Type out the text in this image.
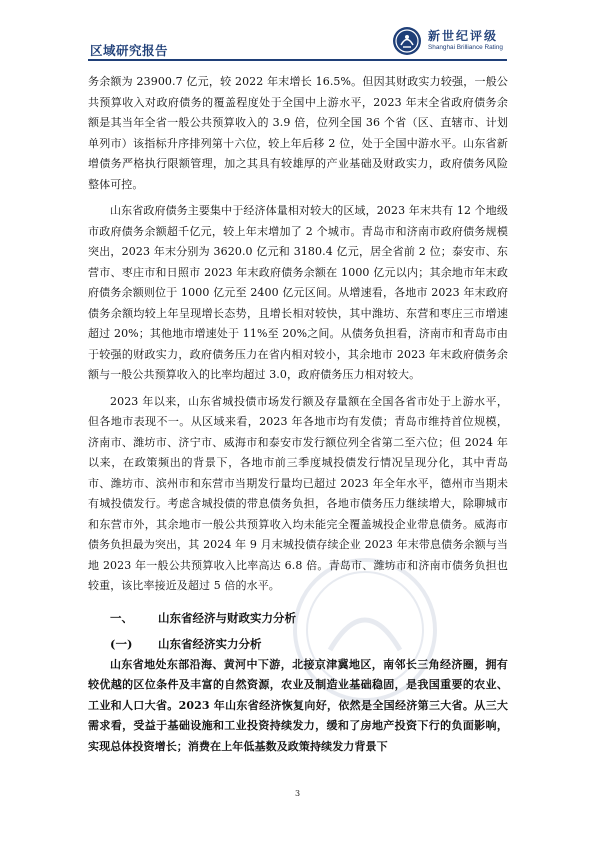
区域研究报告
新世纪评级
Shanghai Brilliance Rating

务余额为 23900.7 亿元，较 2022 年末增长 16.5%。但因其财政实力较强，一般公共预算收入对政府债务的覆盖程度处于全国中上游水平，2023 年末全省政府债务余额是其当年全省一般公共预算收入的 3.9 倍，位列全国 36 个省（区、直辖市、计划单列市）该指标升序排列第十六位，较上年后移 2 位，处于全国中游水平。山东省新增债务严格执行限额管理，加之其具有较雄厚的产业基础及财政实力，政府债务风险整体可控。

山东省政府债务主要集中于经济体量相对较大的区域，2023 年末共有 12 个地级市政府债务余额超千亿元，较上年末增加了 2 个城市。青岛市和济南市政府债务规模突出，2023 年末分别为 3620.0 亿元和 3180.4 亿元，居全省前 2 位；泰安市、东营市、枣庄市和日照市 2023 年末政府债务余额在 1000 亿元以内；其余地市年末政府债务余额则位于 1000 亿元至 2400 亿元区间。从增速看，各地市 2023 年末政府债务余额均较上年呈现增长态势，且增长相对较快，其中潍坊、东营和枣庄三市增速超过 20%；其他地市增速处于 11%至 20%之间。从债务负担看，济南市和青岛市由于较强的财政实力，政府债务压力在省内相对较小，其余地市 2023 年末政府债务余额与一般公共预算收入的比率均超过 3.0，政府债务压力相对较大。

2023 年以来，山东省城投债市场发行额及存量额在全国各省市处于上游水平，但各地市表现不一。从区域来看，2023 年各地市均有发债；青岛市维持首位规模，济南市、潍坊市、济宁市、威海市和泰安市发行额位列全省第二至六位；但 2024 年以来，在政策频出的背景下，各地市前三季度城投债发行情况呈现分化，其中青岛市、潍坊市、滨州市和东营市当期发行量均已超过 2023 年全年水平，德州市当期未有城投债发行。考虑含城投债的带息债务负担，各地市债务压力继续增大，除聊城市和东营市外，其余地市一般公共预算收入均未能完全覆盖城投企业带息债务。威海市债务负担最为突出，其 2024 年 9 月末城投债存续企业 2023 年末带息债务余额与当地 2023 年一般公共预算收入比率高达 6.8 倍。青岛市、潍坊市和济南市债务负担也较重，该比率接近及超过 5 倍的水平。

一、 山东省经济与财政实力分析
(一) 山东省经济实力分析

山东省地处东部沿海、黄河中下游，北接京津冀地区，南邻长三角经济圈，拥有较优越的区位条件及丰富的自然资源，农业及制造业基础稳固，是我国重要的农业、工业和人口大省。2023 年山东省经济恢复向好，依然是全国经济第三大省。从三大需求看，受益于基础设施和工业投资持续发力，缓和了房地产投资下行的负面影响，实现总体投资增长；消费在上年低基数及政策持续发力背景下

3
